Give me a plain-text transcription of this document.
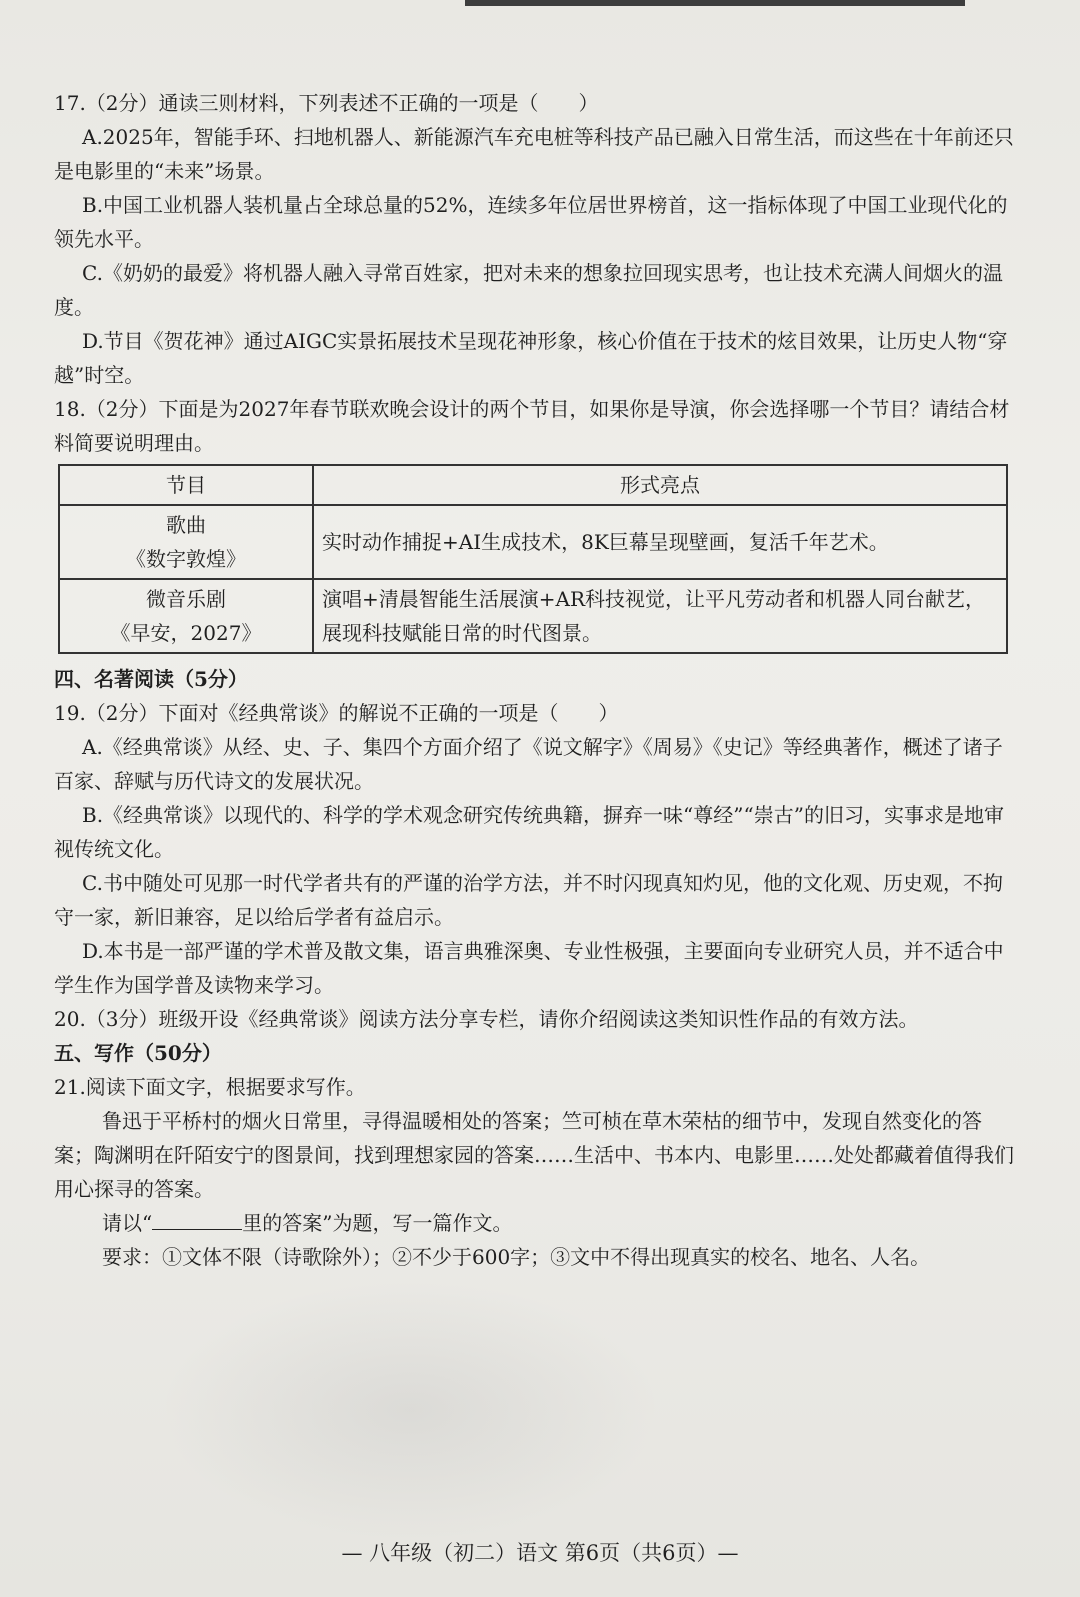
17.（2分）通读三则材料，下列表述不正确的一项是（　　）

A.2025年，智能手环、扫地机器人、新能源汽车充电桩等科技产品已融入日常生活，而这些在十年前还只是电影里的“未来”场景。

B.中国工业机器人装机量占全球总量的52%，连续多年位居世界榜首，这一指标体现了中国工业现代化的领先水平。

C.《奶奶的最爱》将机器人融入寻常百姓家，把对未来的想象拉回现实思考，也让技术充满人间烟火的温度。

D.节目《贺花神》通过AIGC实景拓展技术呈现花神形象，核心价值在于技术的炫目效果，让历史人物“穿越”时空。

18.（2分）下面是为2027年春节联欢晚会设计的两个节目，如果你是导演，你会选择哪一个节目？请结合材料简要说明理由。

节目	形式亮点

歌曲
《数字敦煌》	实时动作捕捉+AI生成技术，8K巨幕呈现壁画，复活千年艺术。

微音乐剧
《早安，2027》	演唱+清晨智能生活展演+AR科技视觉，让平凡劳动者和机器人同台献艺，展现科技赋能日常的时代图景。

四、名著阅读（5分）

19.（2分）下面对《经典常谈》的解说不正确的一项是（　　）

A.《经典常谈》从经、史、子、集四个方面介绍了《说文解字》《周易》《史记》等经典著作，概述了诸子百家、辞赋与历代诗文的发展状况。

B.《经典常谈》以现代的、科学的学术观念研究传统典籍，摒弃一味“尊经”“崇古”的旧习，实事求是地审视传统文化。

C.书中随处可见那一时代学者共有的严谨的治学方法，并不时闪现真知灼见，他的文化观、历史观，不拘守一家，新旧兼容，足以给后学者有益启示。

D.本书是一部严谨的学术普及散文集，语言典雅深奥、专业性极强，主要面向专业研究人员，并不适合中学生作为国学普及读物来学习。

20.（3分）班级开设《经典常谈》阅读方法分享专栏，请你介绍阅读这类知识性作品的有效方法。

五、写作（50分）

21.阅读下面文字，根据要求写作。

鲁迅于平桥村的烟火日常里，寻得温暖相处的答案；竺可桢在草木荣枯的细节中，发现自然变化的答案；陶渊明在阡陌安宁的图景间，找到理想家园的答案……生活中、书本内、电影里……处处都藏着值得我们用心探寻的答案。

请以“	里的答案”为题，写一篇作文。

要求：①文体不限（诗歌除外）；②不少于600字；③文中不得出现真实的校名、地名、人名。

— 八年级（初二）语文 第6页（共6页）—
